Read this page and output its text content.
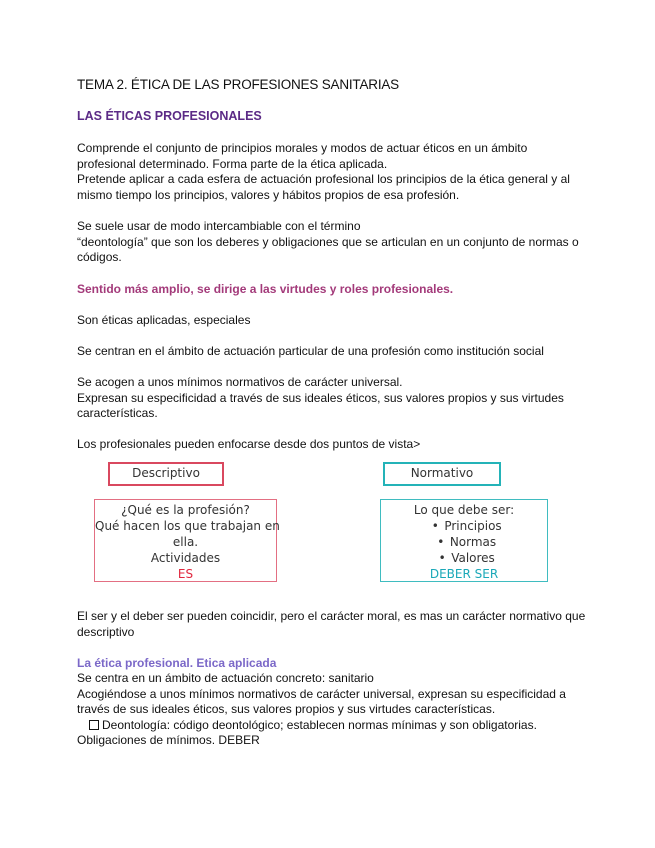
TEMA 2. ÉTICA DE LAS PROFESIONES SANITARIAS

LAS ÉTICAS PROFESIONALES

Comprende el conjunto de principios morales y modos de actuar éticos en un ámbito
profesional determinado. Forma parte de la ética aplicada.
Pretende aplicar a cada esfera de actuación profesional los principios de la ética general y al
mismo tiempo los principios, valores y hábitos propios de esa profesión.

Se suele usar de modo intercambiable con el término
“deontología” que son los deberes y obligaciones que se articulan en un conjunto de normas o
códigos.

Sentido más amplio, se dirige a las virtudes y roles profesionales.

Son éticas aplicadas, especiales

Se centran en el ámbito de actuación particular de una profesión como institución social

Se acogen a unos mínimos normativos de carácter universal.
Expresan su especificidad a través de sus ideales éticos, sus valores propios y sus virtudes
características.

Los profesionales pueden enfocarse desde dos puntos de vista>

Descriptivo	Normativo
¿Qué es la profesión?
Qué hacen los que trabajan en
ella.
Actividades
ES
Lo que debe ser:
• Principios
• Normas
• Valores
DEBER SER

El ser y el deber ser pueden coincidir, pero el carácter moral, es mas un carácter normativo que
descriptivo

La ética profesional. Etica aplicada

Se centra en un ámbito de actuación concreto: sanitario
Acogiéndose a unos mínimos normativos de carácter universal, expresan su especificidad a
través de sus ideales éticos, sus valores propios y sus virtudes características.
Deontología: código deontológico; establecen normas mínimas y son obligatorias.
Obligaciones de mínimos. DEBER
